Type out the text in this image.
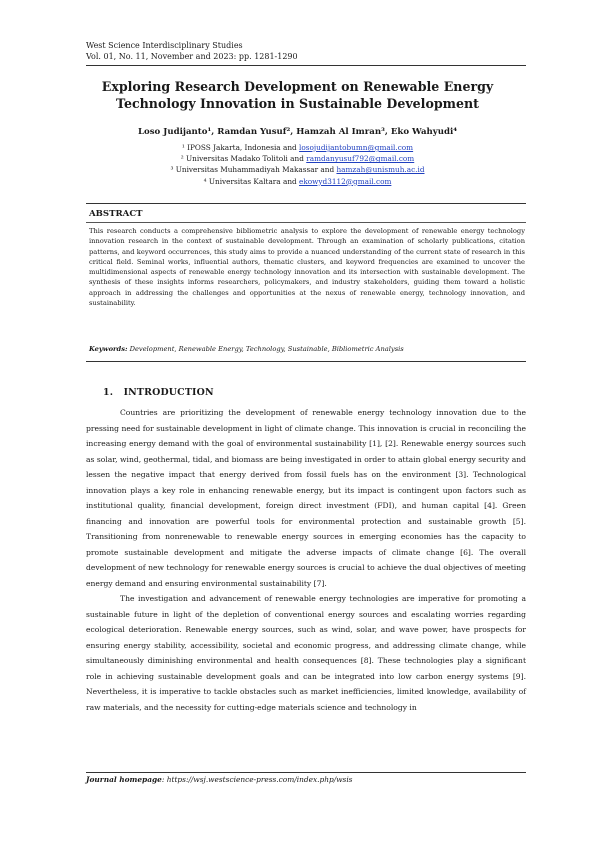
West Science Interdisciplinary Studies
Vol. 01, No. 11, November and 2023: pp. 1281-1290
Exploring Research Development on Renewable Energy Technology Innovation in Sustainable Development
Loso Judijanto¹, Ramdan Yusuf², Hamzah Al Imran³, Eko Wahyudi⁴
¹ IPOSS Jakarta, Indonesia and losojudijantobumn@gmail.com
² Universitas Madako Tolitoli and ramdanyusuf792@gmail.com
³ Universitas Muhammadiyah Makassar and hamzah@unismuh.ac.id
⁴ Universitas Kaltara and ekowyd3112@gmail.com
ABSTRACT
This research conducts a comprehensive bibliometric analysis to explore the development of renewable energy technology innovation research in the context of sustainable development. Through an examination of scholarly publications, citation patterns, and keyword occurrences, this study aims to provide a nuanced understanding of the current state of research in this critical field. Seminal works, influential authors, thematic clusters, and keyword frequencies are examined to uncover the multidimensional aspects of renewable energy technology innovation and its intersection with sustainable development. The synthesis of these insights informs researchers, policymakers, and industry stakeholders, guiding them toward a holistic approach in addressing the challenges and opportunities at the nexus of renewable energy, technology innovation, and sustainability.
Keywords: Development, Renewable Energy, Technology, Sustainable, Bibliometric Analysis
1.   INTRODUCTION

Countries are prioritizing the development of renewable energy technology innovation due to the pressing need for sustainable development in light of climate change. This innovation is crucial in reconciling the increasing energy demand with the goal of environmental sustainability [1], [2]. Renewable energy sources such as solar, wind, geothermal, tidal, and biomass are being investigated in order to attain global energy security and lessen the negative impact that energy derived from fossil fuels has on the environment [3]. Technological innovation plays a key role in enhancing renewable energy, but its impact is contingent upon factors such as institutional quality, financial development, foreign direct investment (FDI), and human capital [4]. Green financing and innovation are powerful tools for environmental protection and sustainable growth [5]. Transitioning from nonrenewable to renewable energy sources in emerging economies has the capacity to promote sustainable development and mitigate the adverse impacts of climate change [6]. The overall development of new technology for renewable energy sources is crucial to achieve the dual objectives of meeting energy demand and ensuring environmental sustainability [7].

The investigation and advancement of renewable energy technologies are imperative for promoting a sustainable future in light of the depletion of conventional energy sources and escalating worries regarding ecological deterioration. Renewable energy sources, such as wind, solar, and wave power, have prospects for ensuring energy stability, accessibility, societal and economic progress, and addressing climate change, while simultaneously diminishing environmental and health consequences [8]. These technologies play a significant role in achieving sustainable development goals and can be integrated into low carbon energy systems [9]. Nevertheless, it is imperative to tackle obstacles such as market inefficiencies, limited knowledge, availability of raw materials, and the necessity for cutting-edge materials science and technology in

Journal homepage: https://wsj.westscience-press.com/index.php/wsis
